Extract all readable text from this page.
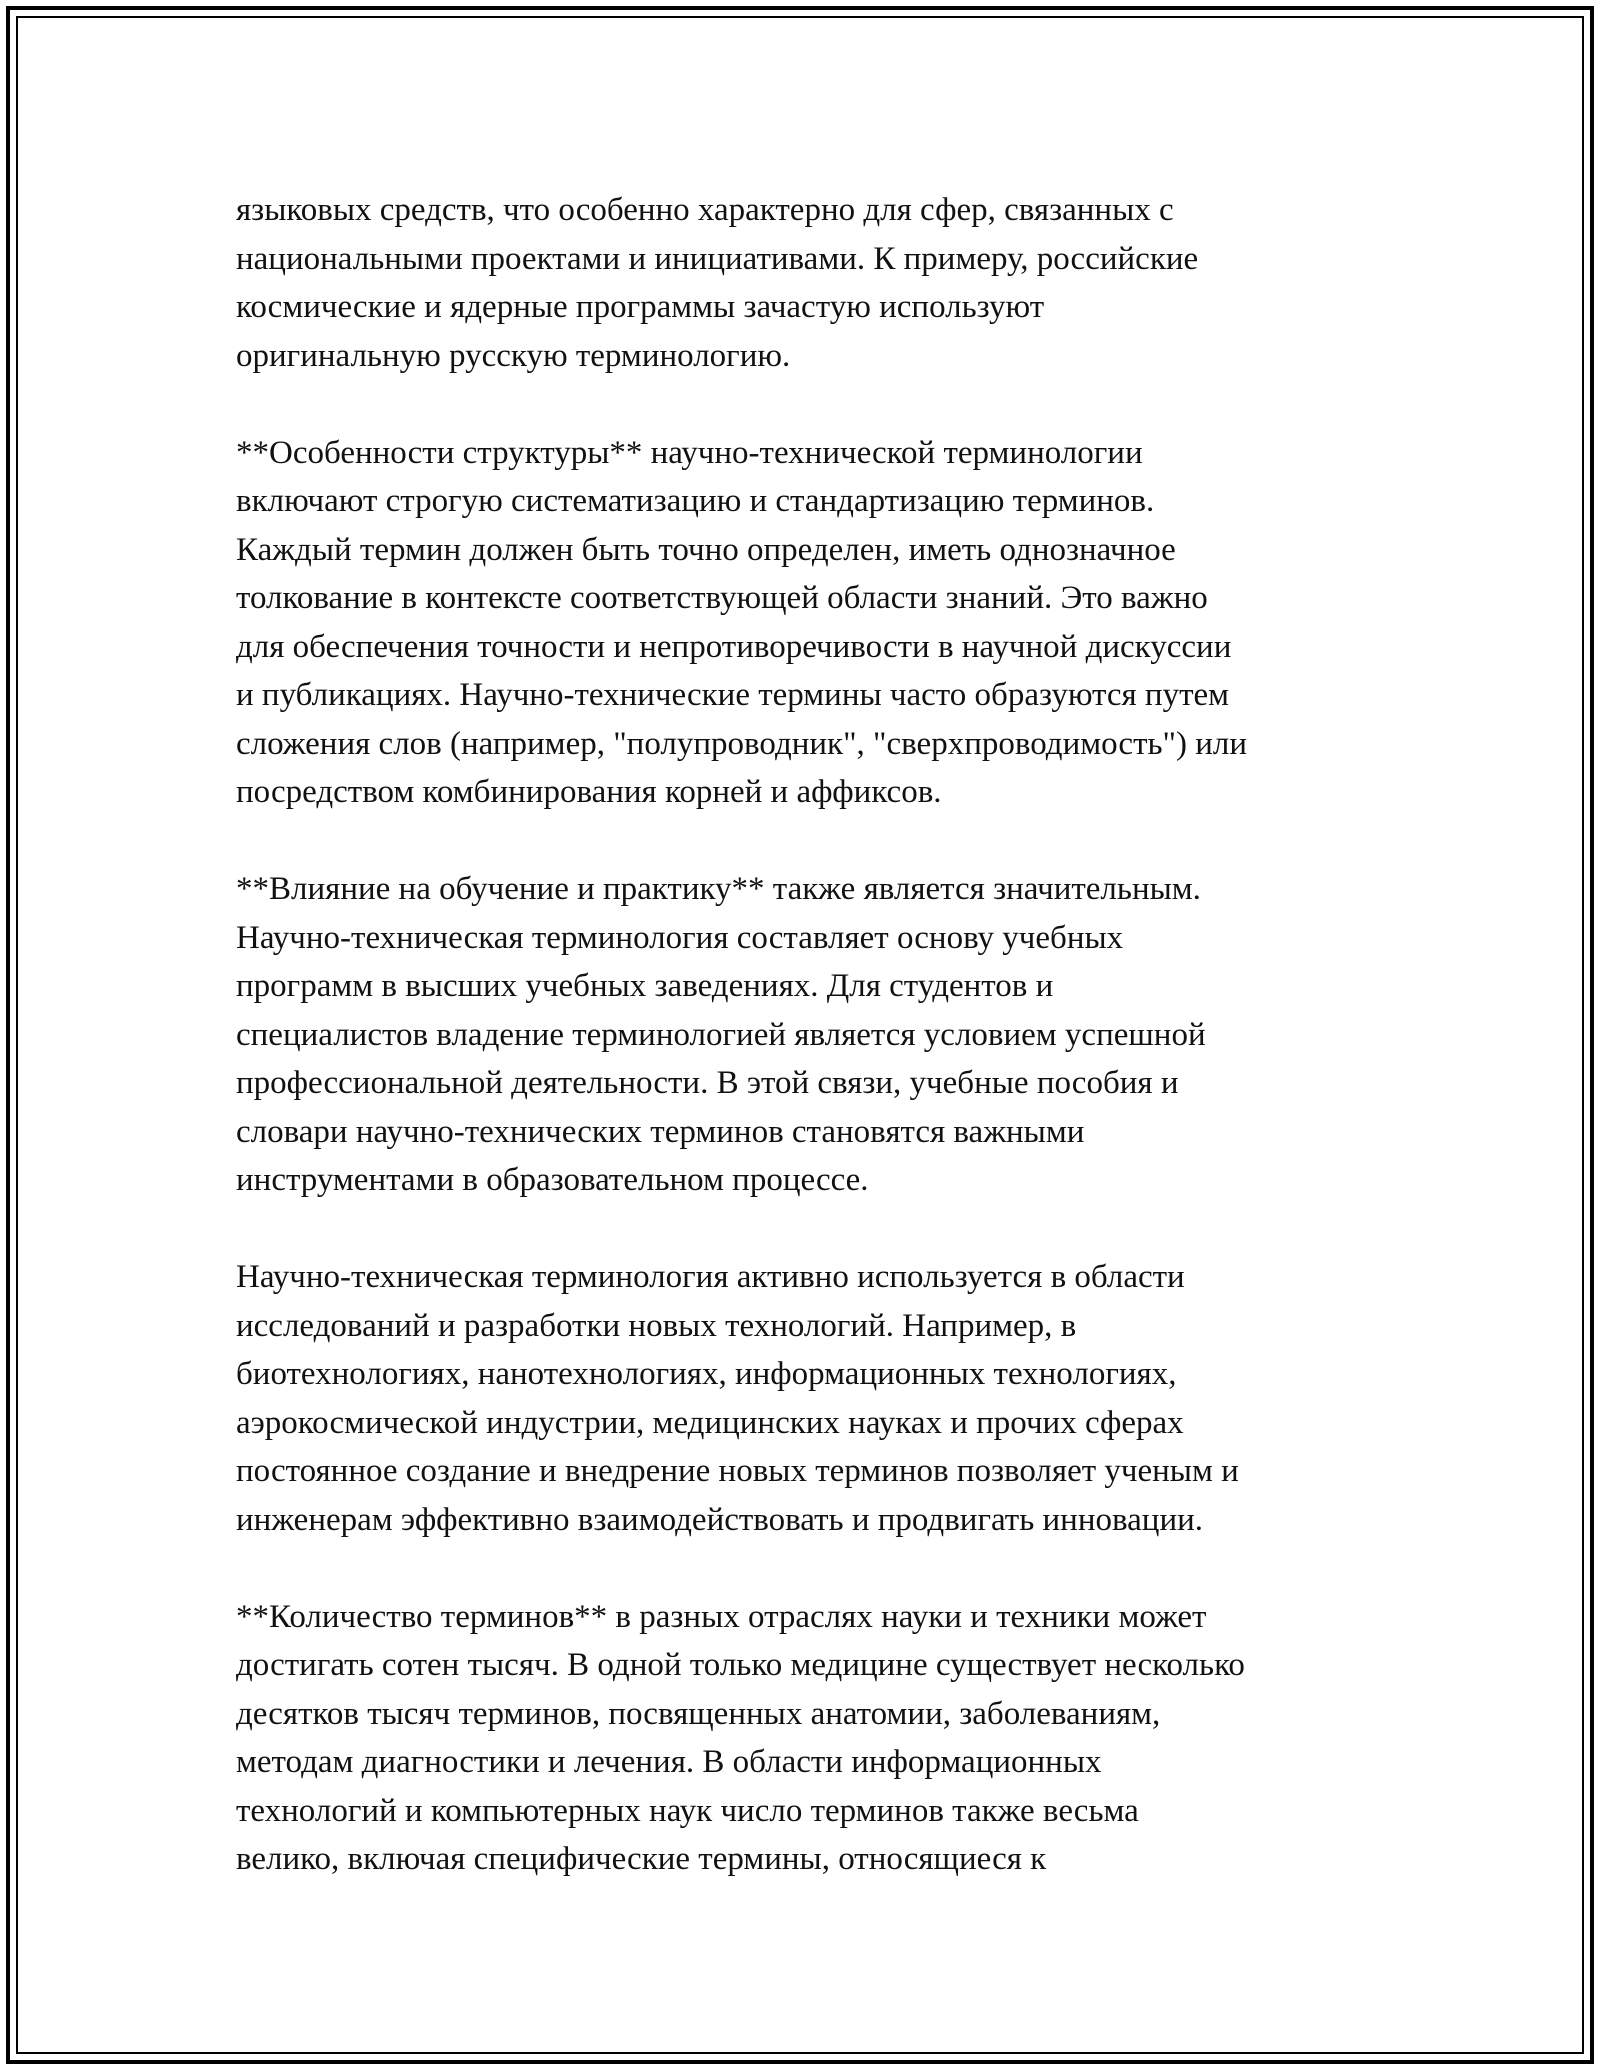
языковых средств, что особенно характерно для сфер, связанных с
национальными проектами и инициативами. К примеру, российские
космические и ядерные программы зачастую используют
оригинальную русскую терминологию.

**Особенности структуры** научно-технической терминологии
включают строгую систематизацию и стандартизацию терминов.
Каждый термин должен быть точно определен, иметь однозначное
толкование в контексте соответствующей области знаний. Это важно
для обеспечения точности и непротиворечивости в научной дискуссии
и публикациях. Научно-технические термины часто образуются путем
сложения слов (например, "полупроводник", "сверхпроводимость") или
посредством комбинирования корней и аффиксов.

**Влияние на обучение и практику** также является значительным.
Научно-техническая терминология составляет основу учебных
программ в высших учебных заведениях. Для студентов и
специалистов владение терминологией является условием успешной
профессиональной деятельности. В этой связи, учебные пособия и
словари научно-технических терминов становятся важными
инструментами в образовательном процессе.

Научно-техническая терминология активно используется в области
исследований и разработки новых технологий. Например, в
биотехнологиях, нанотехнологиях, информационных технологиях,
аэрокосмической индустрии, медицинских науках и прочих сферах
постоянное создание и внедрение новых терминов позволяет ученым и
инженерам эффективно взаимодействовать и продвигать инновации.

**Количество терминов** в разных отраслях науки и техники может
достигать сотен тысяч. В одной только медицине существует несколько
десятков тысяч терминов, посвященных анатомии, заболеваниям,
методам диагностики и лечения. В области информационных
технологий и компьютерных наук число терминов также весьма
велико, включая специфические термины, относящиеся к
